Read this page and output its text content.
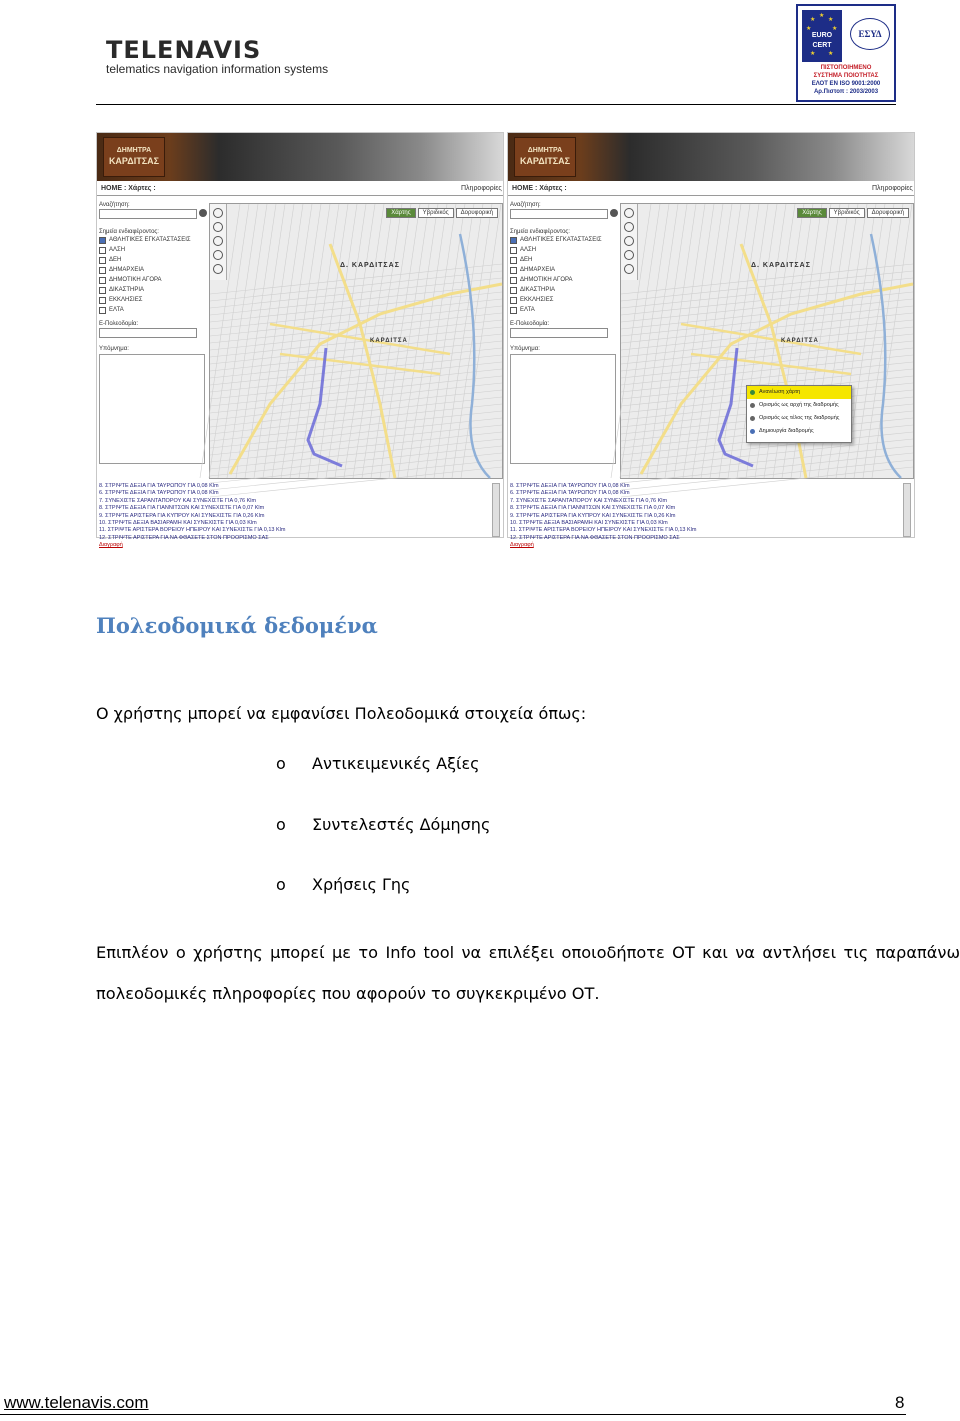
TELENAVIS
telematics navigation information systems
★
★ ★
★	★
EURO
CERT
★ ★
ΕΣΥΔ
ΠΙΣΤΟΠΟΙΗΜΕΝΟ
ΣΥΣΤΗΜΑ ΠΟΙΟΤΗΤΑΣ
ΕΛΟΤ EN ISO 9001:2000
Αρ.Πιστοπ : 2003/2003
ΔΗΜΗΤΡΑ
ΚΑΡΔΙΤΣΑΣ
HOME : Χάρτες :	Πληροφορίες
Αναζήτηση:
Σημεία ενδιαφέροντος:
ΑΘΛΗΤΙΚΕΣ ΕΓΚΑΤΑΣΤΑΣΕΙΣ
ΑΛΣΗ
ΔΕΗ
ΔΗΜΑΡΧΕΙΑ
ΔΗΜΟΤΙΚΗ ΑΓΟΡΑ
ΔΙΚΑΣΤΗΡΙΑ
ΕΚΚΛΗΣΙΕΣ
ΕΛΤΑ
E-Πολεοδομία:
Υπόμνημα:
Χάρτης	Υβριδικός	Δορυφορική
Δ. ΚΑΡΔΙΤΣΑΣ
ΚΑΡΔΙΤΣΑ
8. ΣΤΡΙΨΤΕ ΔΕΞΙΑ ΓΙΑ ΤΑΥΡΩΠΟΥ ΓΙΑ 0,08 Klm
6. ΣΤΡΙΨΤΕ ΔΕΞΙΑ ΓΙΑ ΤΑΥΡΩΠΟΥ ΓΙΑ 0,08 Klm
7. ΣΥΝΕΧΙΣΤΕ ΣΑΡΑΝΤΑΠΟΡΟΥ ΚΑΙ ΣΥΝΕΧΙΣΤΕ ΓΙΑ 0,76 Klm
8. ΣΤΡΙΨΤΕ ΔΕΞΙΑ ΓΙΑ ΓΙΑΝΝΙΤΣΩΝ ΚΑΙ ΣΥΝΕΧΙΣΤΕ ΓΙΑ 0,07 Klm
9. ΣΤΡΙΨΤΕ ΑΡΙΣΤΕΡΑ ΓΙΑ ΚΥΠΡΟΥ ΚΑΙ ΣΥΝΕΧΙΣΤΕ ΓΙΑ 0,26 Klm
10. ΣΤΡΙΨΤΕ ΔΕΞΙΑ ΒΑΣΙΑΡΑΜΗ ΚΑΙ ΣΥΝΕΧΙΣΤΕ ΓΙΑ 0,03 Klm
11. ΣΤΡΙΨΤΕ ΑΡΙΣΤΕΡΑ ΒΟΡΕΙΟΥ ΗΠΕΙΡΟΥ ΚΑΙ ΣΥΝΕΧΙΣΤΕ ΓΙΑ 0,13 Klm
12. ΣΤΡΙΨΤΕ ΑΡΙΣΤΕΡΑ ΓΙΑ ΝΑ ΦΘΑΣΕΤΕ ΣΤΟΝ ΠΡΟΟΡΙΣΜΟ ΣΑΣ
Διαγραφή
ΔΗΜΗΤΡΑ
ΚΑΡΔΙΤΣΑΣ
HOME : Χάρτες :	Πληροφορίες
Αναζήτηση:
Σημεία ενδιαφέροντος:
ΑΘΛΗΤΙΚΕΣ ΕΓΚΑΤΑΣΤΑΣΕΙΣ
ΑΛΣΗ
ΔΕΗ
ΔΗΜΑΡΧΕΙΑ
ΔΗΜΟΤΙΚΗ ΑΓΟΡΑ
ΔΙΚΑΣΤΗΡΙΑ
ΕΚΚΛΗΣΙΕΣ
ΕΛΤΑ
E-Πολεοδομία:
Υπόμνημα:
Χάρτης	Υβριδικός	Δορυφορική
Δ. ΚΑΡΔΙΤΣΑΣ
ΚΑΡΔΙΤΣΑ
Ανανέωση χάρτη
Ορισμός ως αρχή της διαδρομής
Ορισμός ως τέλος της διαδρομής
Δημιουργία διαδρομής
8. ΣΤΡΙΨΤΕ ΔΕΞΙΑ ΓΙΑ ΤΑΥΡΩΠΟΥ ΓΙΑ 0,08 Klm
6. ΣΤΡΙΨΤΕ ΔΕΞΙΑ ΓΙΑ ΤΑΥΡΩΠΟΥ ΓΙΑ 0,08 Klm
7. ΣΥΝΕΧΙΣΤΕ ΣΑΡΑΝΤΑΠΟΡΟΥ ΚΑΙ ΣΥΝΕΧΙΣΤΕ ΓΙΑ 0,76 Klm
8. ΣΤΡΙΨΤΕ ΔΕΞΙΑ ΓΙΑ ΓΙΑΝΝΙΤΣΩΝ ΚΑΙ ΣΥΝΕΧΙΣΤΕ ΓΙΑ 0,07 Klm
9. ΣΤΡΙΨΤΕ ΑΡΙΣΤΕΡΑ ΓΙΑ ΚΥΠΡΟΥ ΚΑΙ ΣΥΝΕΧΙΣΤΕ ΓΙΑ 0,26 Klm
10. ΣΤΡΙΨΤΕ ΔΕΞΙΑ ΒΑΣΙΑΡΑΜΗ ΚΑΙ ΣΥΝΕΧΙΣΤΕ ΓΙΑ 0,03 Klm
11. ΣΤΡΙΨΤΕ ΑΡΙΣΤΕΡΑ ΒΟΡΕΙΟΥ ΗΠΕΙΡΟΥ ΚΑΙ ΣΥΝΕΧΙΣΤΕ ΓΙΑ 0,13 Klm
12. ΣΤΡΙΨΤΕ ΑΡΙΣΤΕΡΑ ΓΙΑ ΝΑ ΦΘΑΣΕΤΕ ΣΤΟΝ ΠΡΟΟΡΙΣΜΟ ΣΑΣ
Διαγραφή
Πολεοδομικά δεδομένα
Ο χρήστης μπορεί να εμφανίσει Πολεοδομικά στοιχεία όπως:
o Αντικειμενικές Αξίες
o Συντελεστές Δόμησης
o Χρήσεις Γης
Επιπλέον ο χρήστης μπορεί με το Info tool να επιλέξει οποιοδήποτε ΟΤ και να αντλήσει τις παραπάνω πολεοδομικές πληροφορίες που αφορούν το συγκεκριμένο ΟΤ.
www.telenavis.com	8
